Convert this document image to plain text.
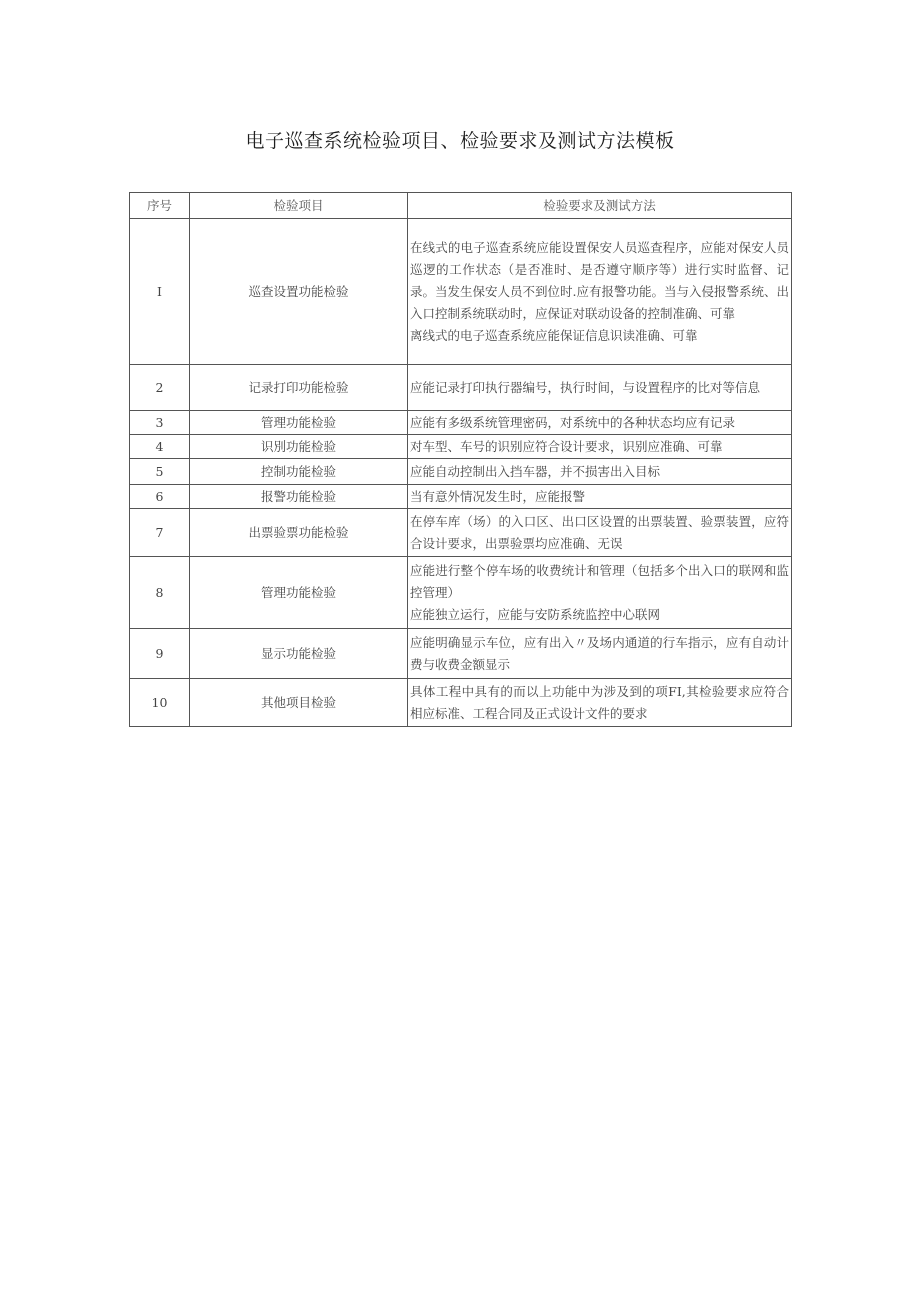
电子巡查系统检验项目、检验要求及测试方法模板
序号	检验项目	检验要求及测试方法
I	巡查设置功能检验	在线式的电子巡查系统应能设置保安人员巡查程序，应能对保安人员巡逻的工作状态（是否准时、是否遵守顺序等）进行实时监督、记录。当发生保安人员不到位时.应有报警功能。当与入侵报警系统、出入口控制系统联动时，应保证对联动设备的控制准确、可靠

离线式的电子巡查系统应能保证信息识读准确、可靠

2	记录打印功能检验	应能记录打印执行器编号，执行时间，与设置程序的比对等信息

3	管理功能检验	应能有多级系统管理密码，对系统中的各种状态均应有记录

4	识別功能检验	对车型、车号的识别应符合设计要求，识别应准确、可靠

5	控制功能检验	应能自动控制出入挡车器，并不损害出入目标

6	报警功能检验	当有意外情况发生时，应能报警

7	出票验票功能检验	在停车库（场）的入口区、出口区设置的出票装置、验票装置，应符合设计要求，出票验票均应准确、无误

8	管理功能检验	应能进行整个停车场的收费统计和管理（包括多个出入口的联网和监控管理）

应能独立运行，应能与安防系统监控中心联网

9	显示功能检验	应能明确显示车位，应有出入〃及场内通道的行车指示，应有自动计费与收费金额显示

10	其他项目检验	具体工程中具有的而以上功能中为涉及到的项FI,其检验要求应符合相应标准、工程合同及正式设计文件的要求
